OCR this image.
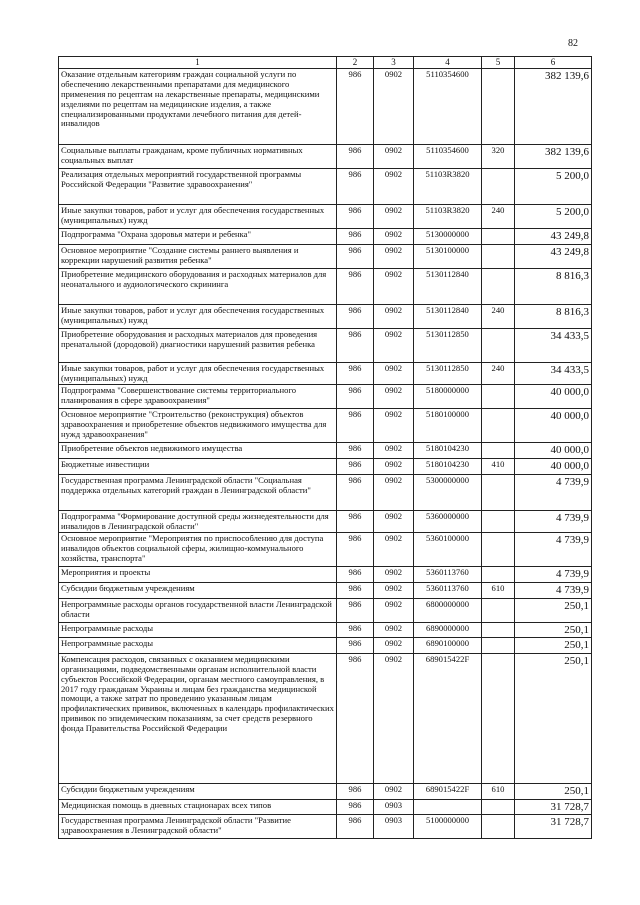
82
1	2	3	4	5	6
Оказание отдельным категориям граждан социальной услуги по обеспечению лекарственными препаратами для медицинского применения по рецептам на лекарственные препараты, медицинскими изделиями по рецептам на медицинские изделия, а также специализированными продуктами лечебного питания для детей-инвалидов	986	0902	5110354600		382 139,6
Социальные выплаты гражданам, кроме публичных нормативных социальных выплат	986	0902	5110354600	320	382 139,6
Реализация отдельных мероприятий государственной программы Российской Федерации "Развитие здравоохранения"	986	0902	51103R3820		5 200,0
Иные закупки товаров, работ и услуг для обеспечения государственных (муниципальных) нужд	986	0902	51103R3820	240	5 200,0
Подпрограмма "Охрана здоровья матери и ребенка"	986	0902	5130000000		43 249,8
Основное мероприятие "Создание системы раннего выявления и коррекции нарушений развития ребенка"	986	0902	5130100000		43 249,8
Приобретение медицинского оборудования и расходных материалов для неонатального и аудиологического скрининга	986	0902	5130112840		8 816,3
Иные закупки товаров, работ и услуг для обеспечения государственных (муниципальных) нужд	986	0902	5130112840	240	8 816,3
Приобретение оборудования и расходных материалов для проведения пренатальной (дородовой) диагностики нарушений развития ребенка	986	0902	5130112850		34 433,5
Иные закупки товаров, работ и услуг для обеспечения государственных (муниципальных) нужд	986	0902	5130112850	240	34 433,5
Подпрограмма "Совершенствование системы территориального планирования в сфере здравоохранения"	986	0902	5180000000		40 000,0
Основное мероприятие "Строительство (реконструкция) объектов здравоохранения и приобретение объектов недвижимого имущества для нужд здравоохранения"	986	0902	5180100000		40 000,0
Приобретение объектов недвижимого имущества	986	0902	5180104230		40 000,0
Бюджетные инвестиции	986	0902	5180104230	410	40 000,0
Государственная программа Ленинградской области "Социальная поддержка отдельных категорий граждан в Ленинградской области"	986	0902	5300000000		4 739,9
Подпрограмма "Формирование доступной среды жизнедеятельности для инвалидов в Ленинградской области"	986	0902	5360000000		4 739,9
Основное мероприятие "Мероприятия по приспособлению для доступа инвалидов объектов социальной сферы, жилищно-коммунального хозяйства, транспорта"	986	0902	5360100000		4 739,9
Мероприятия и проекты	986	0902	5360113760		4 739,9
Субсидии бюджетным учреждениям	986	0902	5360113760	610	4 739,9
Непрограммные расходы органов государственной власти Ленинградской области	986	0902	6800000000		250,1
Непрограммные расходы	986	0902	6890000000		250,1
Непрограммные расходы	986	0902	6890100000		250,1
Компенсация расходов, связанных с оказанием медицинскими организациями, подведомственными органам исполнительной власти субъектов Российской Федерации, органам местного самоуправления, в 2017 году гражданам Украины и лицам без гражданства медицинской помощи, а также затрат по проведению указанным лицам профилактических прививок, включенных в календарь профилактических прививок по эпидемическим показаниям, за счет средств резервного фонда Правительства Российской Федерации	986	0902	689015422F		250,1
Субсидии бюджетным учреждениям	986	0902	689015422F	610	250,1
Медицинская помощь в дневных стационарах всех типов	986	0903			31 728,7
Государственная программа Ленинградской области "Развитие здравоохранения в Ленинградской области"	986	0903	5100000000		31 728,7
